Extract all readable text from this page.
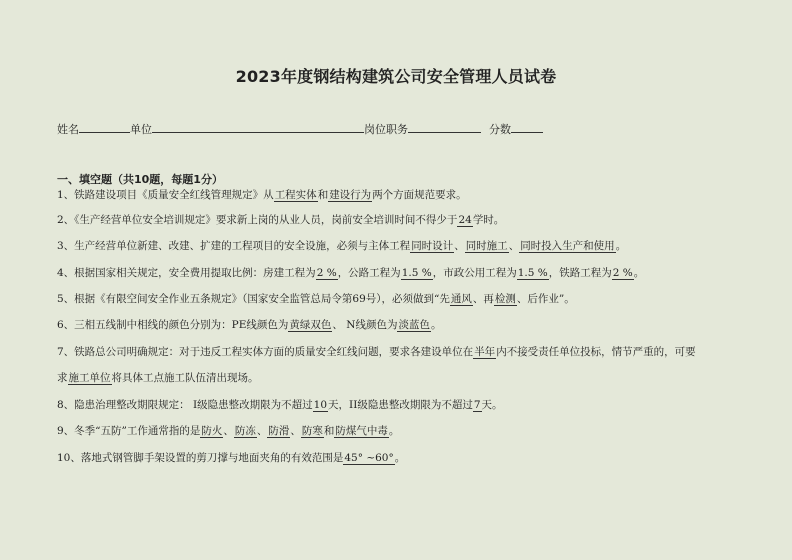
2023年度钢结构建筑公司安全管理人员试卷
姓名	单位	岗位职务	分数
一、填空题（共10题，每题1分）
1、铁路建设项目《质量安全红线管理规定》从工程实体和建设行为两个方面规范要求。
2、《生产经营单位安全培训规定》要求新上岗的从业人员，岗前安全培训时间不得少于24学时。
3、生产经营单位新建、改建、扩建的工程项目的安全设施，必须与主体工程同时设计、同时施工、同时投入生产和使用。
4、根据国家相关规定，安全费用提取比例：房建工程为2 %，公路工程为1.5 %，市政公用工程为1.5 %，铁路工程为2 %。
5、根据《有限空间安全作业五条规定》（国家安全监管总局令第69号），必须做到“先通风、再检测、后作业”。
6、三相五线制中相线的颜色分别为：PE线颜色为黄绿双色、 N线颜色为淡蓝色。
7、铁路总公司明确规定：对于违反工程实体方面的质量安全红线问题，要求各建设单位在半年内不接受责任单位投标，情节严重的，可要
求施工单位将具体工点施工队伍清出现场。
8、隐患治理整改期限规定： I级隐患整改期限为不超过10天，II级隐患整改期限为不超过7天。
9、冬季“五防”工作通常指的是防火、防冻、防滑、防寒和防煤气中毒。
10、落地式钢管脚手架设置的剪刀撑与地面夹角的有效范围是45° ~60°。
